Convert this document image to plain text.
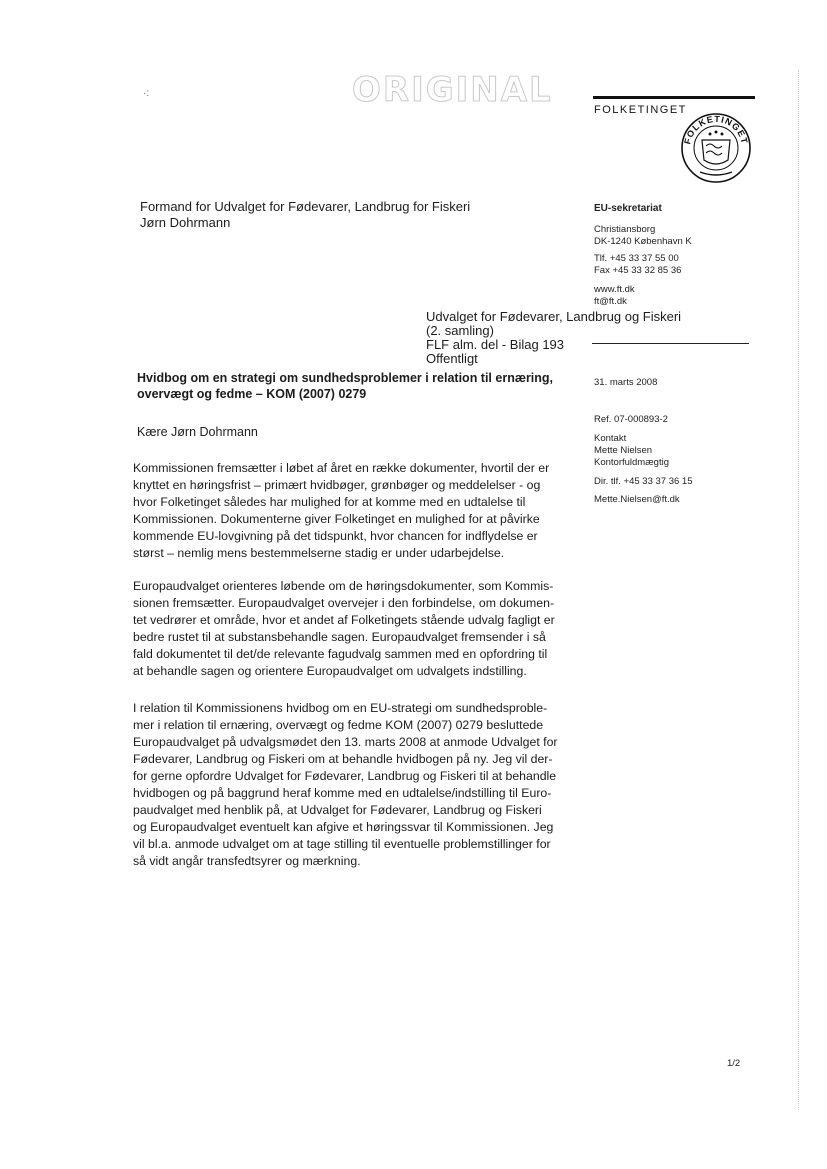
ORIGINAL
·:
FOLKETINGET
FOLKETINGET
Formand for Udvalget for Fødevarer, Landbrug for Fiskeri
Jørn Dohrmann
EU-sekretariat
Christiansborg
DK-1240 København K
Tlf. +45 33 37 55 00
Fax +45 33 32 85 36
www.ft.dk
ft@ft.dk
Udvalget for Fødevarer, Landbrug og Fiskeri
(2. samling)
FLF alm. del - Bilag 193
Offentligt
31. marts 2008
Ref. 07-000893-2
Kontakt
Mette Nielsen
Kontorfuldmægtig
Dir. tlf. +45 33 37 36 15
Mette.Nielsen@ft.dk
Hvidbog om en strategi om sundhedsproblemer i relation til ernæring,
overvægt og fedme – KOM (2007) 0279
Kære Jørn Dohrmann
Kommissionen fremsætter i løbet af året en række dokumenter, hvortil der er
knyttet en høringsfrist – primært hvidbøger, grønbøger og meddelelser - og
hvor Folketinget således har mulighed for at komme med en udtalelse til
Kommissionen. Dokumenterne giver Folketinget en mulighed for at påvirke
kommende EU-lovgivning på det tidspunkt, hvor chancen for indflydelse er
størst – nemlig mens bestemmelserne stadig er under udarbejdelse.
Europaudvalget orienteres løbende om de høringsdokumenter, som Kommis-
sionen fremsætter. Europaudvalget overvejer i den forbindelse, om dokumen-
tet vedrører et område, hvor et andet af Folketingets stående udvalg fagligt er
bedre rustet til at substansbehandle sagen. Europaudvalget fremsender i så
fald dokumentet til det/de relevante fagudvalg sammen med en opfordring til
at behandle sagen og orientere Europaudvalget om udvalgets indstilling.
I relation til Kommissionens hvidbog om en EU-strategi om sundhedsproble-
mer i relation til ernæring, overvægt og fedme KOM (2007) 0279 besluttede
Europaudvalget på udvalgsmødet den 13. marts 2008 at anmode Udvalget for
Fødevarer, Landbrug og Fiskeri om at behandle hvidbogen på ny. Jeg vil der-
for gerne opfordre Udvalget for Fødevarer, Landbrug og Fiskeri til at behandle
hvidbogen og på baggrund heraf komme med en udtalelse/indstilling til Euro-
paudvalget med henblik på, at Udvalget for Fødevarer, Landbrug og Fiskeri
og Europaudvalget eventuelt kan afgive et høringssvar til Kommissionen. Jeg
vil bl.a. anmode udvalget om at tage stilling til eventuelle problemstillinger for
så vidt angår transfedtsyrer og mærkning.
1/2
